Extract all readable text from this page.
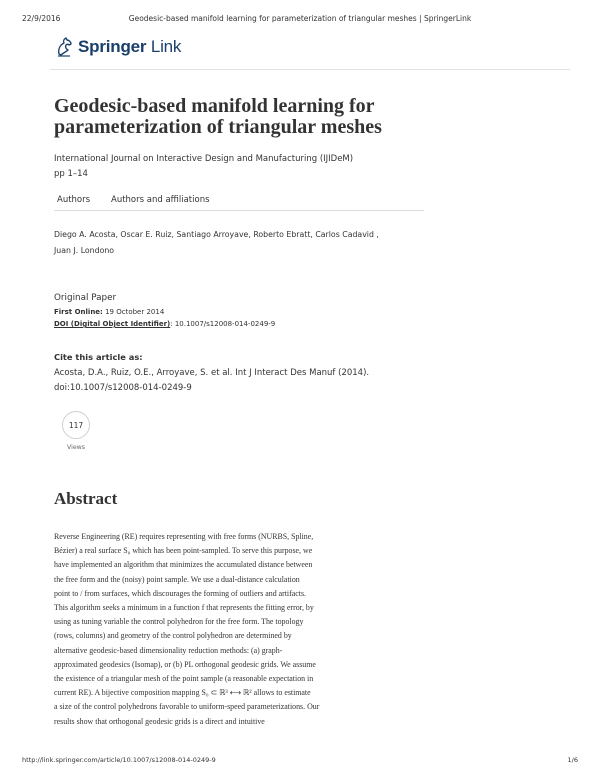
22/9/2016	Geodesic-based manifold learning for parameterization of triangular meshes | SpringerLink
Springer Link
Geodesic-based manifold learning for parameterization of triangular meshes
International Journal on Interactive Design and Manufacturing (IJIDeM)
pp 1–14
Authors Authors and affiliations
Diego A. Acosta, Oscar E. Ruiz, Santiago Arroyave, Roberto Ebratt, Carlos Cadavid ,
Juan J. Londono
Original Paper
First Online: 19 October 2014
DOI (Digital Object Identifier): 10.1007/s12008-014-0249-9
Cite this article as:
Acosta, D.A., Ruiz, O.E., Arroyave, S. et al. Int J Interact Des Manuf (2014).
doi:10.1007/s12008-014-0249-9
117
Views
Abstract
Reverse Engineering (RE) requires representing with free forms (NURBS, Spline,
Bézier) a real surface S₀ which has been point-sampled. To serve this purpose, we
have implemented an algorithm that minimizes the accumulated distance between
the free form and the (noisy) point sample. We use a dual-distance calculation
point to / from surfaces, which discourages the forming of outliers and artifacts.
This algorithm seeks a minimum in a function f that represents the fitting error, by
using as tuning variable the control polyhedron for the free form. The topology
(rows, columns) and geometry of the control polyhedron are determined by
alternative geodesic-based dimensionality reduction methods: (a) graph-
approximated geodesics (Isomap), or (b) PL orthogonal geodesic grids. We assume
the existence of a triangular mesh of the point sample (a reasonable expectation in
current RE). A bijective composition mapping S₀ ⊂ ℝ³ ⟷ ℝ² allows to estimate
a size of the control polyhedrons favorable to uniform-speed parameterizations. Our
results show that orthogonal geodesic grids is a direct and intuitive
http://link.springer.com/article/10.1007/s12008-014-0249-9	1/6
